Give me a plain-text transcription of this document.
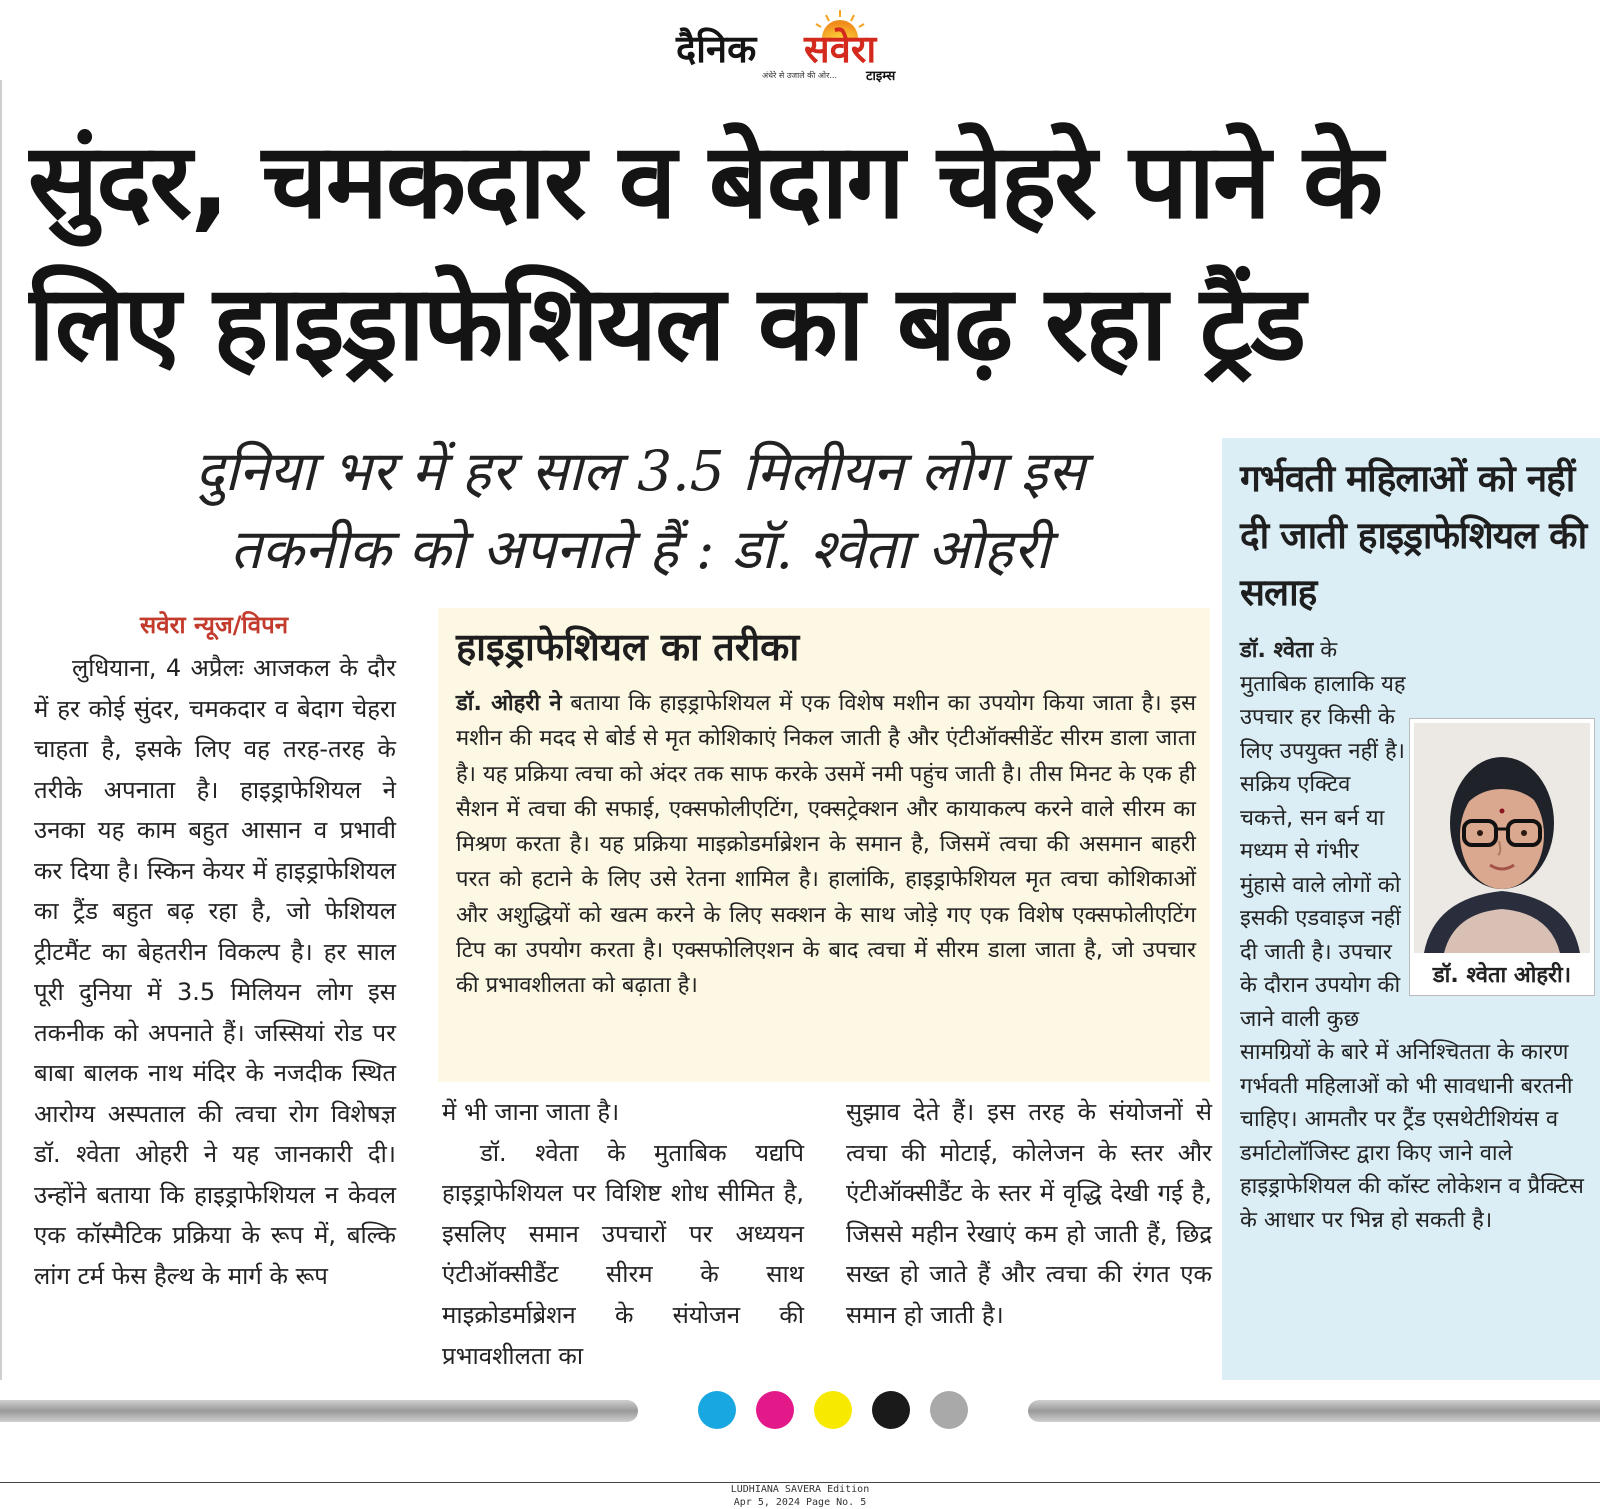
दैनिक सवेरा
अंधेरे से उजाले की ओर... टाइम्स
सुंदर, चमकदार व बेदाग चेहरे पाने के
लिए हाइड्राफेशियल का बढ़ रहा ट्रैंड
दुनिया भर में हर साल 3.5 मिलीयन लोग इस
तकनीक को अपनाते हैं : डॉ. श्वेता ओहरी
सवेरा न्यूज/विपन
लुधियाना, 4 अप्रैलः आजकल के दौर में हर कोई सुंदर, चमकदार व बेदाग चेहरा चाहता है, इसके लिए वह तरह-तरह के तरीके अपनाता है। हाइड्राफेशियल ने उनका यह काम बहुत आसान व प्रभावी कर दिया है। स्किन केयर में हाइड्राफेशियल का ट्रैंड बहुत बढ़ रहा है, जो फेशियल ट्रीटमैंट का बेहतरीन विकल्प है। हर साल पूरी दुनिया में 3.5 मिलियन लोग इस तकनीक को अपनाते हैं। जस्सियां रोड पर बाबा बालक नाथ मंदिर के नजदीक स्थित आरोग्य अस्पताल की त्वचा रोग विशेषज्ञ डॉ. श्वेता ओहरी ने यह जानकारी दी। उन्होंने बताया कि हाइड्राफेशियल न केवल एक कॉस्मैटिक प्रक्रिया के रूप में, बल्कि लांग टर्म फेस हैल्थ के मार्ग के रूप
हाइड्राफेशियल का तरीका
डॉ. ओहरी ने बताया कि हाइड्राफेशियल में एक विशेष मशीन का उपयोग किया जाता है। इस मशीन की मदद से बोर्ड से मृत कोशिकाएं निकल जाती है और एंटीऑक्सीडेंट सीरम डाला जाता है। यह प्रक्रिया त्वचा को अंदर तक साफ करके उसमें नमी पहुंच जाती है। तीस मिनट के एक ही सैशन में त्वचा की सफाई, एक्सफोलीएटिंग, एक्सट्रेक्शन और कायाकल्प करने वाले सीरम का मिश्रण करता है। यह प्रक्रिया माइक्रोडर्माब्रेशन के समान है, जिसमें त्वचा की असमान बाहरी परत को हटाने के लिए उसे रेतना शामिल है। हालांकि, हाइड्राफेशियल मृत त्वचा कोशिकाओं और अशुद्धियों को खत्म करने के लिए सक्शन के साथ जोड़े गए एक विशेष एक्सफोलीएटिंग टिप का उपयोग करता है। एक्सफोलिएशन के बाद त्वचा में सीरम डाला जाता है, जो उपचार की प्रभावशीलता को बढ़ाता है।

में भी जाना जाता है।

डॉ. श्वेता के मुताबिक यद्यपि हाइड्राफेशियल पर विशिष्ट शोध सीमित है, इसलिए समान उपचारों पर अध्ययन एंटीऑक्सीडैंट सीरम के साथ माइक्रोडर्माब्रेशन के संयोजन की प्रभावशीलता का

सुझाव देते हैं। इस तरह के संयोजनों से त्वचा की मोटाई, कोलेजन के स्तर और एंटीऑक्सीडैंट के स्तर में वृद्धि देखी गई है, जिससे महीन रेखाएं कम हो जाती हैं, छिद्र सख्त हो जाते हैं और त्वचा की रंगत एक समान हो जाती है।
गर्भवती महिलाओं को नहीं दी जाती हाइड्राफेशियल की सलाह
डॉ. श्वेता के मुताबिक हालाकि यह उपचार हर किसी के लिए उपयुक्त नहीं है। सक्रिय एक्टिव चकत्ते, सन बर्न या मध्यम से गंभीर मुंहासे वाले लोगों को इसकी एडवाइज नहीं दी जाती है। उपचार के दौरान उपयोग की जाने वाली कुछ सामग्रियों के बारे में अनिश्चितता के कारण गर्भवती महिलाओं को भी सावधानी बरतनी चाहिए। आमतौर पर ट्रैंड एसथेटीशियंस व डर्माटोलॉजिस्ट द्वारा किए जाने वाले हाइड्राफेशियल की कॉस्ट लोकेशन व प्रैक्टिस के आधार पर भिन्न हो सकती है।
डॉ. श्वेता ओहरी।
LUDHIANA SAVERA Edition
Apr 5, 2024 Page No. 5
